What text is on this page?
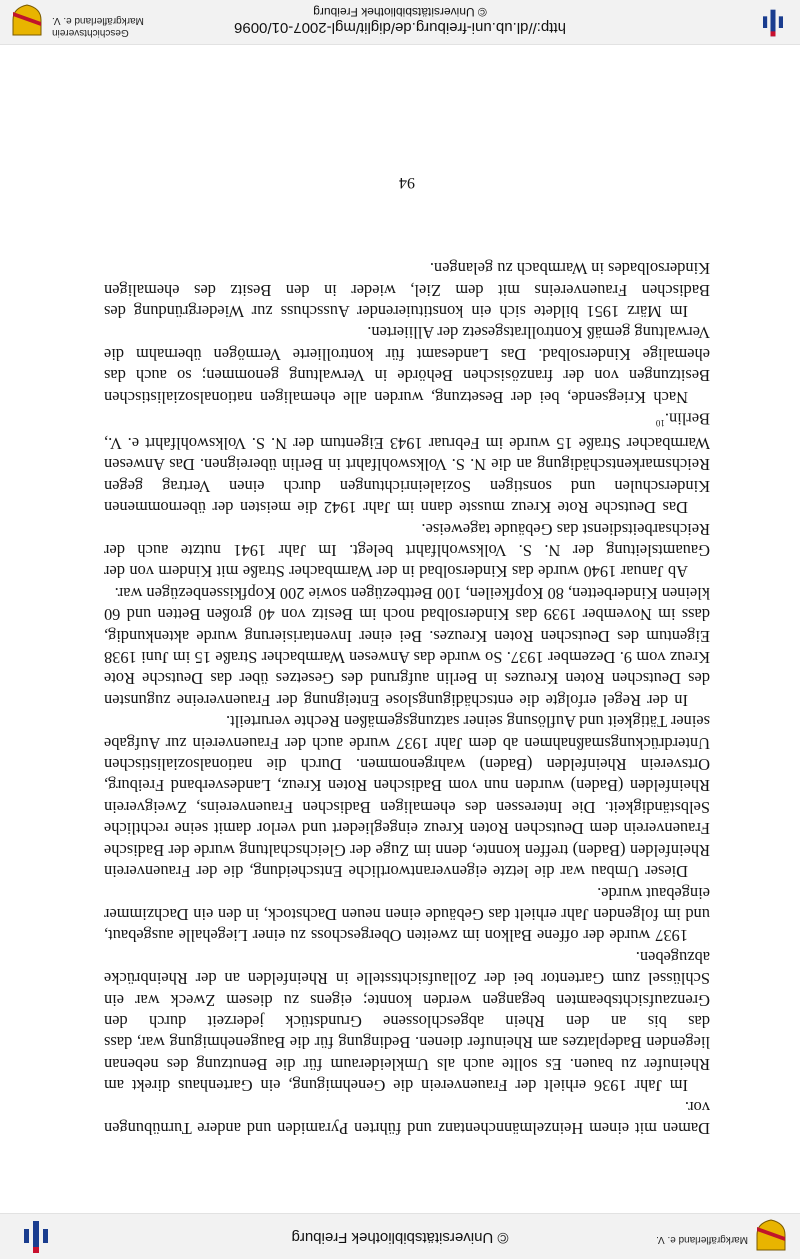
Markgräflerland e. V.
© Universitätsbibliothek Freiburg

Damen mit einem Heinzelmännchentanz und führten Pyramiden und andere Turnübungen vor.

Im Jahr 1936 erhielt der Frauenverein die Genehmigung, ein Gartenhaus direkt am Rheinufer zu bauen. Es sollte auch als Umkleideraum für die Benutzung des nebenan liegenden Badeplatzes am Rheinufer dienen. Bedingung für die Baugenehmigung war, dass das bis an den Rhein abgeschlossene Grundstück jederzeit durch den Grenzaufsichtsbeamten begangen werden konnte; eigens zu diesem Zweck war ein Schlüssel zum Gartentor bei der Zollaufsichtsstelle in Rheinfelden an der Rheinbrücke abzugeben.

1937 wurde der offene Balkon im zweiten Obergeschoss zu einer Liegehalle ausgebaut, und im folgenden Jahr erhielt das Gebäude einen neuen Dachstock, in den ein Dachzimmer eingebaut wurde.

Dieser Umbau war die letzte eigenverantwortliche Entscheidung, die der Frauenverein Rheinfelden (Baden) treffen konnte, denn im Zuge der Gleichschaltung wurde der Badische Frauenverein dem Deutschen Roten Kreuz eingegliedert und verlor damit seine rechtliche Selbständigkeit. Die Interessen des ehemaligen Badischen Frauenvereins, Zweigverein Rheinfelden (Baden) wurden nun vom Badischen Roten Kreuz, Landesverband Freiburg, Ortsverein Rheinfelden (Baden) wahrgenommen. Durch die nationalsozialistischen Unterdrückungsmaßnahmen ab dem Jahr 1937 wurde auch der Frauenverein zur Aufgabe seiner Tätigkeit und Auflösung seiner satzungsgemäßen Rechte verurteilt.

In der Regel erfolgte die entschädigungslose Enteignung der Frauenvereine zugunsten des Deutschen Roten Kreuzes in Berlin aufgrund des Gesetzes über das Deutsche Rote Kreuz vom 9. Dezember 1937. So wurde das Anwesen Warmbacher Straße 15 im Juni 1938 Eigentum des Deutschen Roten Kreuzes. Bei einer Inventarisierung wurde aktenkundig, dass im November 1939 das Kindersolbad noch im Besitz von 40 großen Betten und 60 kleinen Kinderbetten, 80 Kopfkeilen, 100 Bettbezügen sowie 200 Kopfkissenbezügen war.

Ab Januar 1940 wurde das Kindersolbad in der Warmbacher Straße mit Kindern von der Gauamtsleitung der N. S. Volkswohlfahrt belegt. Im Jahr 1941 nutzte auch der Reichsarbeitsdienst das Gebäude tageweise.

Das Deutsche Rote Kreuz musste dann im Jahr 1942 die meisten der übernommenen Kinderschulen und sonstigen Sozialeinrichtungen durch einen Vertrag gegen Reichsmarkentschädigung an die N. S. Volkswohlfahrt in Berlin übereignen. Das Anwesen Warmbacher Straße 15 wurde im Februar 1943 Eigentum der N. S. Volkswohlfahrt e. V., Berlin.$^{10}$

Nach Kriegsende, bei der Besetzung, wurden alle ehemaligen nationalsozialistischen Besitzungen von der französischen Behörde in Verwaltung genommen; so auch das ehemalige Kindersolbad. Das Landesamt für kontrollierte Vermögen übernahm die Verwaltung gemäß Kontrollratsgesetz der Alliierten.

Im März 1951 bildete sich ein konstituierender Ausschuss zur Wiedergründung des Badischen Frauenvereins mit dem Ziel, wieder in den Besitz des ehemaligen Kindersolbades in Warmbach zu gelangen.

94
http://dl.ub.uni-freiburg.de/diglit/mgl-2007-01/0096
© Universitätsbibliothek Freiburg
Geschichtsverein
Markgräflerland e. V.
